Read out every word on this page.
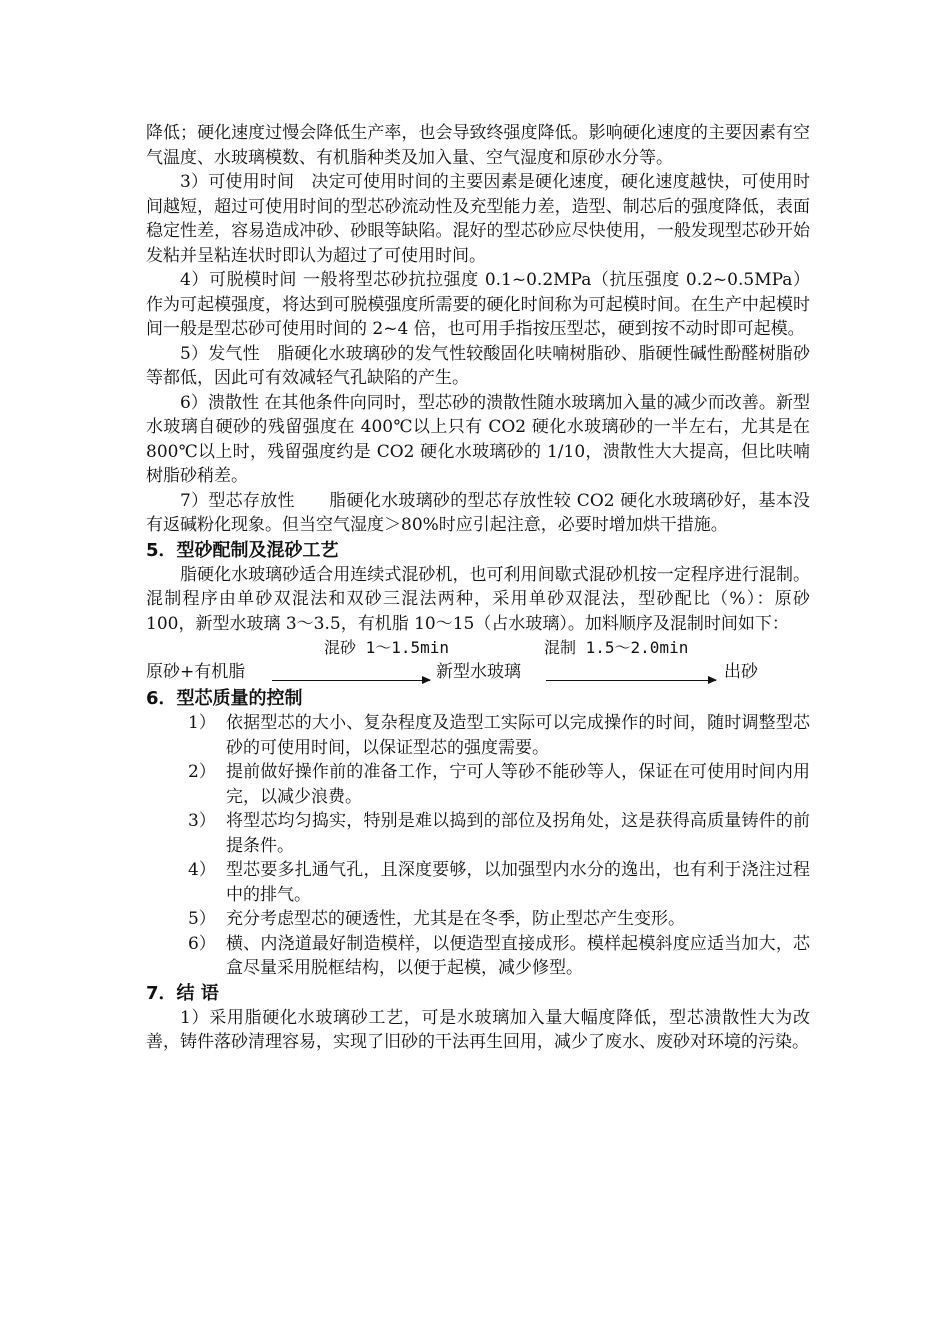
降低；硬化速度过慢会降低生产率，也会导致终强度降低。影响硬化速度的主要因素有空气温度、水玻璃模数、有机脂种类及加入量、空气湿度和原砂水分等。

3）可使用时间　决定可使用时间的主要因素是硬化速度，硬化速度越快，可使用时间越短，超过可使用时间的型芯砂流动性及充型能力差，造型、制芯后的强度降低，表面稳定性差，容易造成冲砂、砂眼等缺陷。混好的型芯砂应尽快使用，一般发现型芯砂开始发粘并呈粘连状时即认为超过了可使用时间。

4）可脱模时间 一般将型芯砂抗拉强度 0.1~0.2MPa（抗压强度 0.2~0.5MPa）作为可起模强度，将达到可脱模强度所需要的硬化时间称为可起模时间。在生产中起模时间一般是型芯砂可使用时间的 2~4 倍，也可用手指按压型芯，硬到按不动时即可起模。

5）发气性　脂硬化水玻璃砂的发气性较酸固化呋喃树脂砂、脂硬性碱性酚醛树脂砂等都低，因此可有效减轻气孔缺陷的产生。

6）溃散性 在其他条件向同时，型芯砂的溃散性随水玻璃加入量的减少而改善。新型水玻璃自硬砂的残留强度在 400℃以上只有 CO2 硬化水玻璃砂的一半左右，尤其是在 800℃以上时，残留强度约是 CO2 硬化水玻璃砂的 1/10，溃散性大大提高，但比呋喃树脂砂稍差。

7）型芯存放性　　脂硬化水玻璃砂的型芯存放性较 CO2 硬化水玻璃砂好，基本没有返碱粉化现象。但当空气湿度＞80%时应引起注意，必要时增加烘干措施。

5．型砂配制及混砂工艺

脂硬化水玻璃砂适合用连续式混砂机，也可利用间歇式混砂机按一定程序进行混制。混制程序由单砂双混法和双砂三混法两种，采用单砂双混法，型砂配比（%）：原砂 100，新型水玻璃 3～3.5，有机脂 10～15（占水玻璃）。加料顺序及混制时间如下：

混砂 1～1.5min	混制 1.5～2.0min
原砂+有机脂	新型水玻璃	出砂
6．型芯质量的控制
1） 依据型芯的大小、复杂程度及造型工实际可以完成操作的时间，随时调整型芯砂的可使用时间，以保证型芯的强度需要。
2） 提前做好操作前的准备工作，宁可人等砂不能砂等人，保证在可使用时间内用完，以减少浪费。
3） 将型芯均匀捣实，特别是难以捣到的部位及拐角处，这是获得高质量铸件的前提条件。
4） 型芯要多扎通气孔，且深度要够，以加强型内水分的逸出，也有利于浇注过程中的排气。
5） 充分考虑型芯的硬透性，尤其是在冬季，防止型芯产生变形。
6） 横、内浇道最好制造模样，以便造型直接成形。模样起模斜度应适当加大，芯盒尽量采用脱框结构，以便于起模，减少修型。
7．结 语

1）采用脂硬化水玻璃砂工艺，可是水玻璃加入量大幅度降低，型芯溃散性大为改善，铸件落砂清理容易，实现了旧砂的干法再生回用，减少了废水、废砂对环境的污染。
